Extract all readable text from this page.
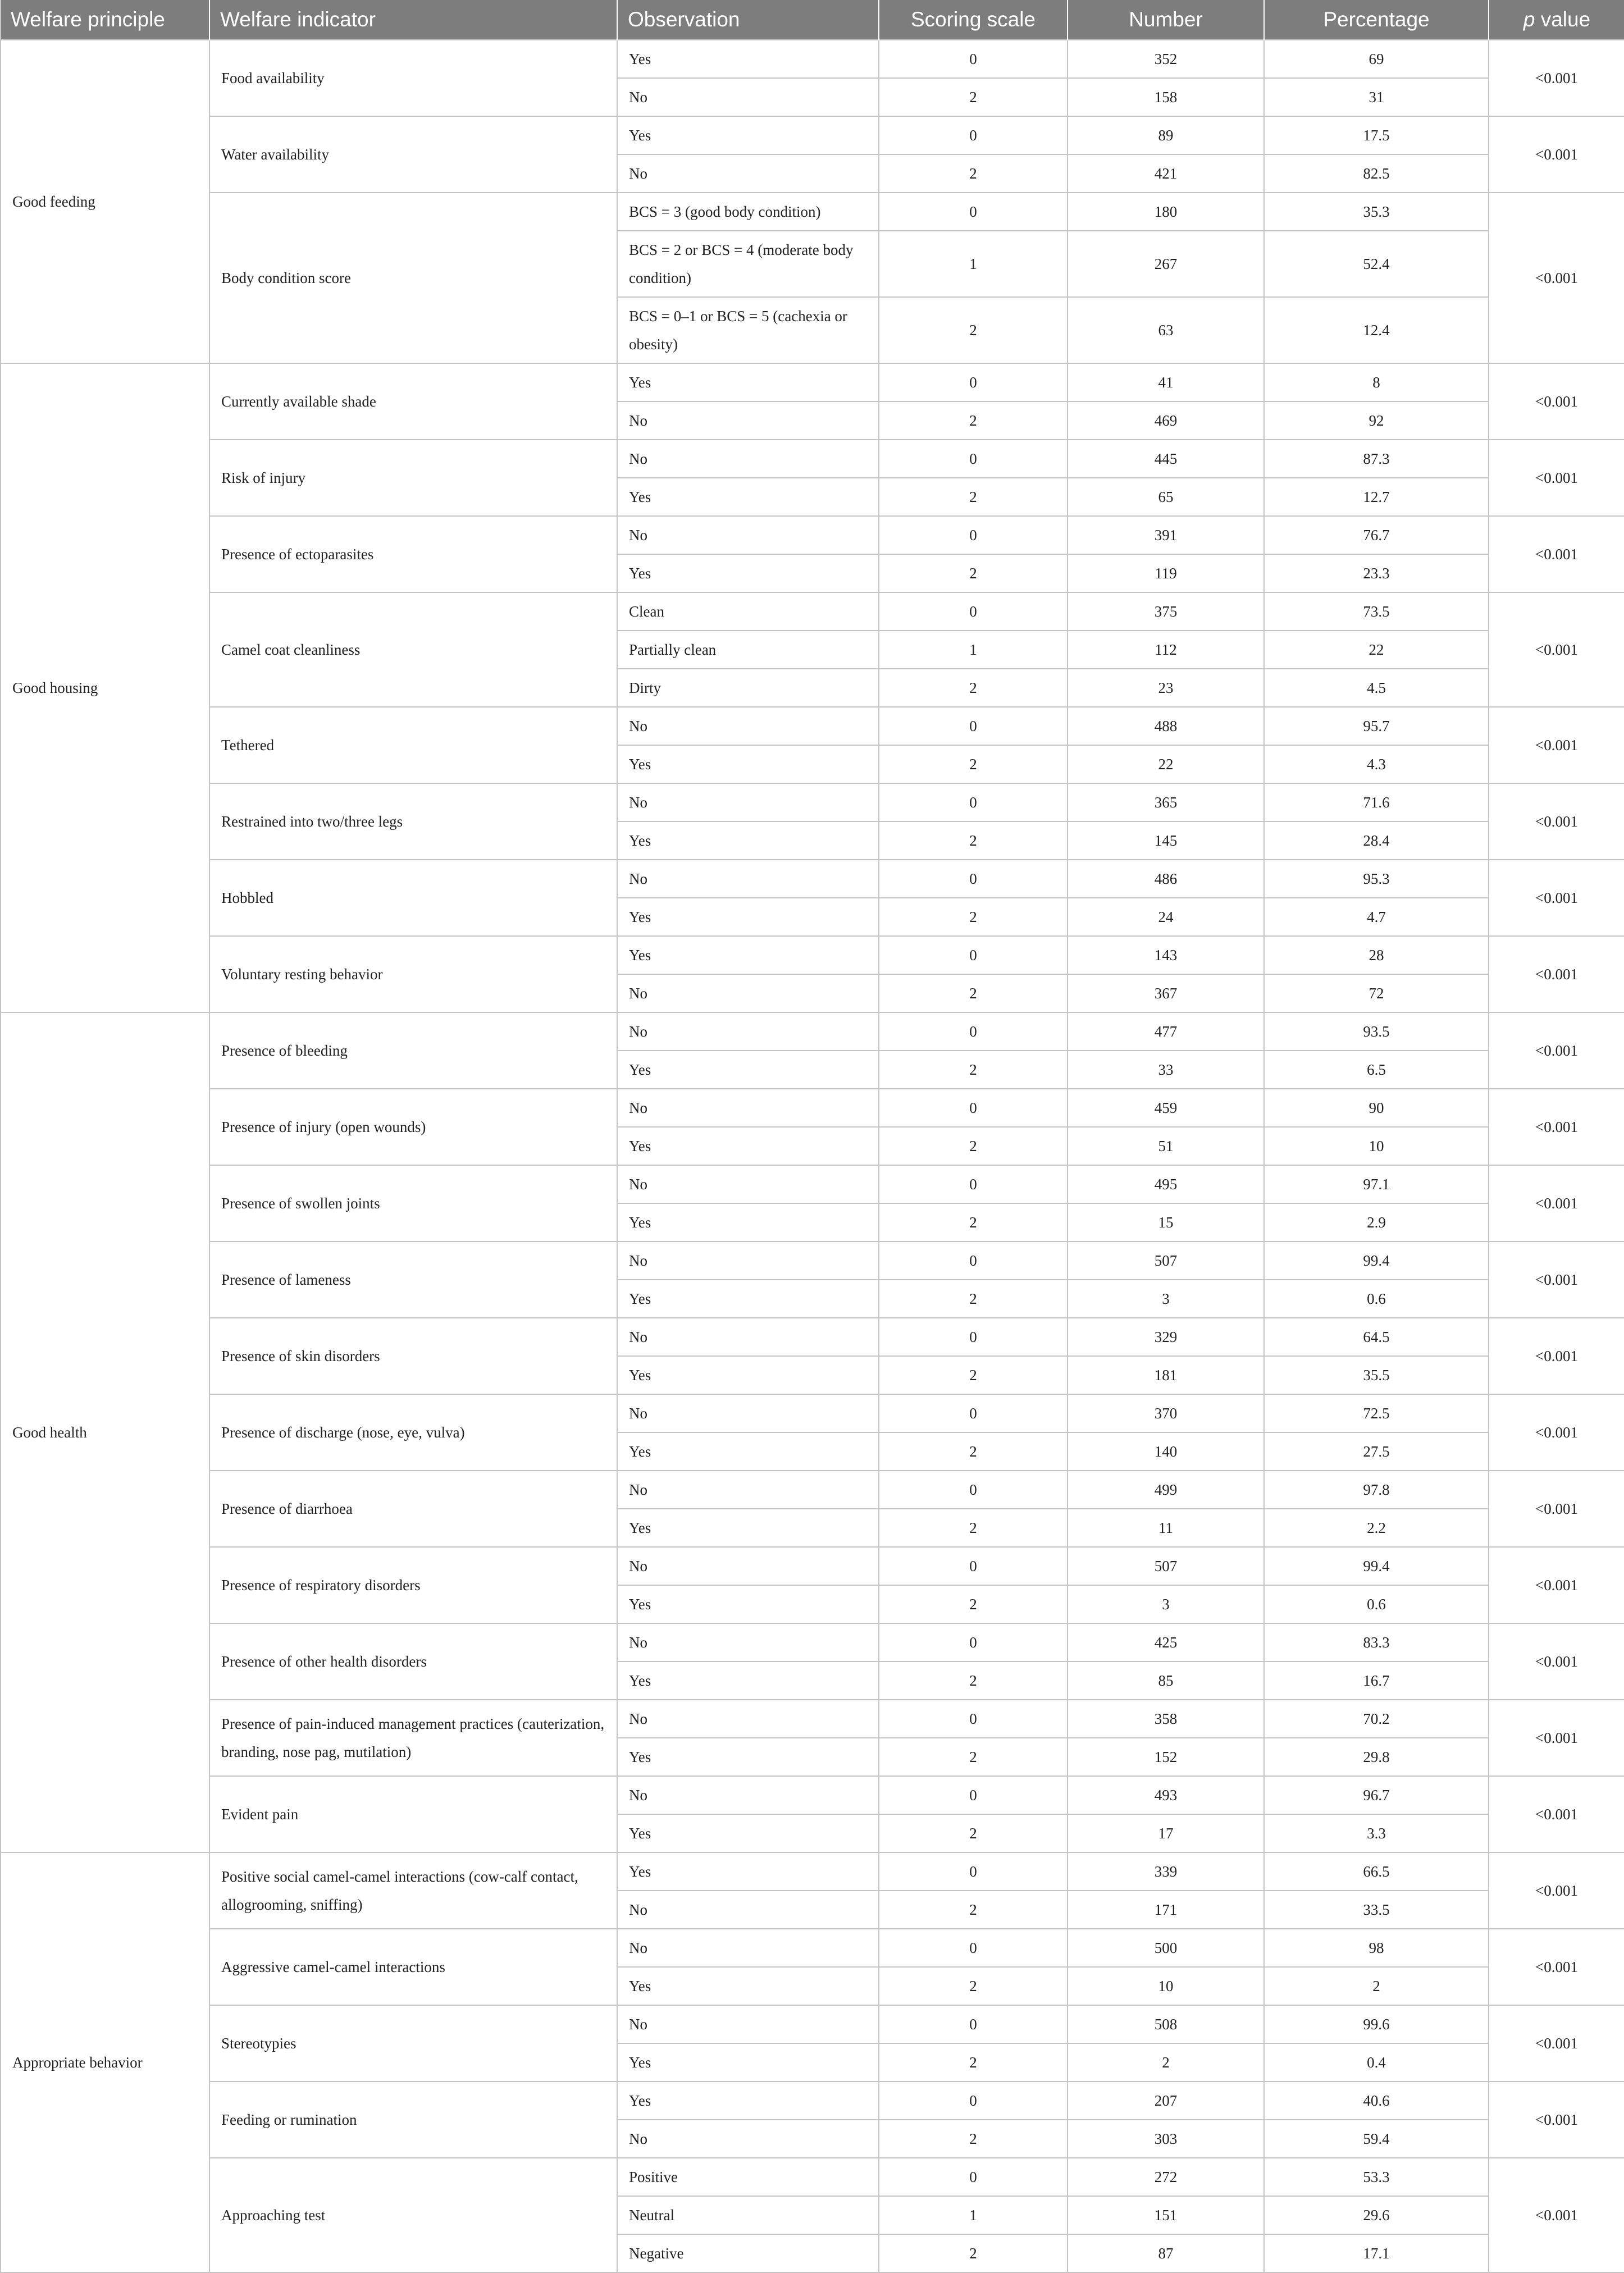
Welfare principle	Welfare indicator	Observation	Scoring scale	Number	Percentage	p value
Good feeding	Food availability	Yes	0	352	69	<0.001
		No	2	158	31	
	Water availability	Yes	0	89	17.5	<0.001
		No	2	421	82.5	
	Body condition score	BCS = 3 (good body condition)	0	180	35.3	<0.001
		BCS = 2 or BCS = 4 (moderate body condition)	1	267	52.4	
		BCS = 0–1 or BCS = 5 (cachexia or obesity)	2	63	12.4	
Good housing	Currently available shade	Yes	0	41	8	<0.001
		No	2	469	92	
	Risk of injury	No	0	445	87.3	<0.001
		Yes	2	65	12.7	
	Presence of ectoparasites	No	0	391	76.7	<0.001
		Yes	2	119	23.3	
	Camel coat cleanliness	Clean	0	375	73.5	<0.001
		Partially clean	1	112	22	
		Dirty	2	23	4.5	
	Tethered	No	0	488	95.7	<0.001
		Yes	2	22	4.3	
	Restrained into two/three legs	No	0	365	71.6	<0.001
		Yes	2	145	28.4	
	Hobbled	No	0	486	95.3	<0.001
		Yes	2	24	4.7	
	Voluntary resting behavior	Yes	0	143	28	<0.001
		No	2	367	72	
Good health	Presence of bleeding	No	0	477	93.5	<0.001
		Yes	2	33	6.5	
	Presence of injury (open wounds)	No	0	459	90	<0.001
		Yes	2	51	10	
	Presence of swollen joints	No	0	495	97.1	<0.001
		Yes	2	15	2.9	
	Presence of lameness	No	0	507	99.4	<0.001
		Yes	2	3	0.6	
	Presence of skin disorders	No	0	329	64.5	<0.001
		Yes	2	181	35.5	
	Presence of discharge (nose, eye, vulva)	No	0	370	72.5	<0.001
		Yes	2	140	27.5	
	Presence of diarrhoea	No	0	499	97.8	<0.001
		Yes	2	11	2.2	
	Presence of respiratory disorders	No	0	507	99.4	<0.001
		Yes	2	3	0.6	
	Presence of other health disorders	No	0	425	83.3	<0.001
		Yes	2	85	16.7	
	Presence of pain-induced management practices (cauterization, branding, nose pag, mutilation)	No	0	358	70.2	<0.001
		Yes	2	152	29.8	
	Evident pain	No	0	493	96.7	<0.001
		Yes	2	17	3.3	
Appropriate behavior	Positive social camel-camel interactions (cow-calf contact, allogrooming, sniffing)	Yes	0	339	66.5	<0.001
		No	2	171	33.5	
	Aggressive camel-camel interactions	No	0	500	98	<0.001
		Yes	2	10	2	
	Stereotypies	No	0	508	99.6	<0.001
		Yes	2	2	0.4	
	Feeding or rumination	Yes	0	207	40.6	<0.001
		No	2	303	59.4	
	Approaching test	Positive	0	272	53.3	<0.001
		Neutral	1	151	29.6	
		Negative	2	87	17.1	
